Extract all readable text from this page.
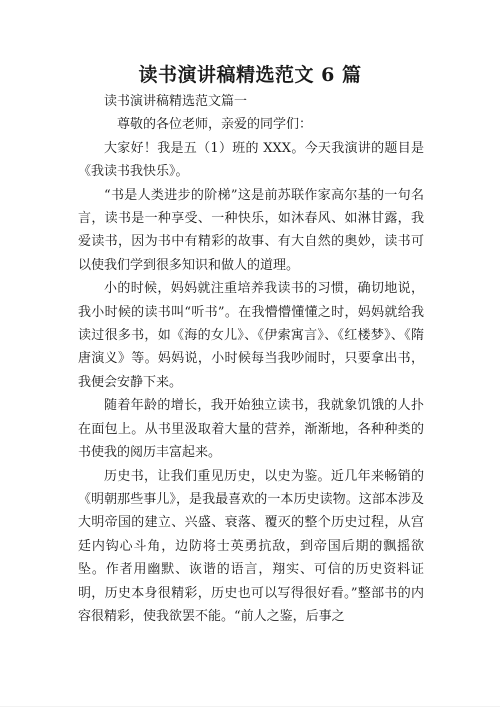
读书演讲稿精选范文 6 篇

读书演讲稿精选范文篇一

尊敬的各位老师，亲爱的同学们：

大家好！我是五（1）班的 XXX。今天我演讲的题目是《我读书我快乐》。

“书是人类进步的阶梯”这是前苏联作家高尔基的一句名言，读书是一种享受、一种快乐，如沐春风、如淋甘露，我爱读书，因为书中有精彩的故事、有大自然的奥妙，读书可以使我们学到很多知识和做人的道理。

小的时候，妈妈就注重培养我读书的习惯，确切地说，我小时候的读书叫“听书”。在我懵懵懂懂之时，妈妈就给我读过很多书，如《海的女儿》、《伊索寓言》、《红楼梦》、《隋唐演义》等。妈妈说，小时候每当我吵闹时，只要拿出书，我便会安静下来。

随着年龄的增长，我开始独立读书，我就象饥饿的人扑在面包上。从书里汲取着大量的营养，渐渐地，各种种类的书使我的阅历丰富起来。

历史书，让我们重见历史，以史为鉴。近几年来畅销的《明朝那些事儿》，是我最喜欢的一本历史读物。这部本涉及大明帝国的建立、兴盛、衰落、覆灭的整个历史过程，从宫廷内钩心斗角，边防将士英勇抗敌，到帝国后期的飘摇欲坠。作者用幽默、诙谐的语言，翔实、可信的历史资料证明，历史本身很精彩，历史也可以写得很好看。”整部书的内容很精彩，使我欲罢不能。“前人之鉴，后事之
